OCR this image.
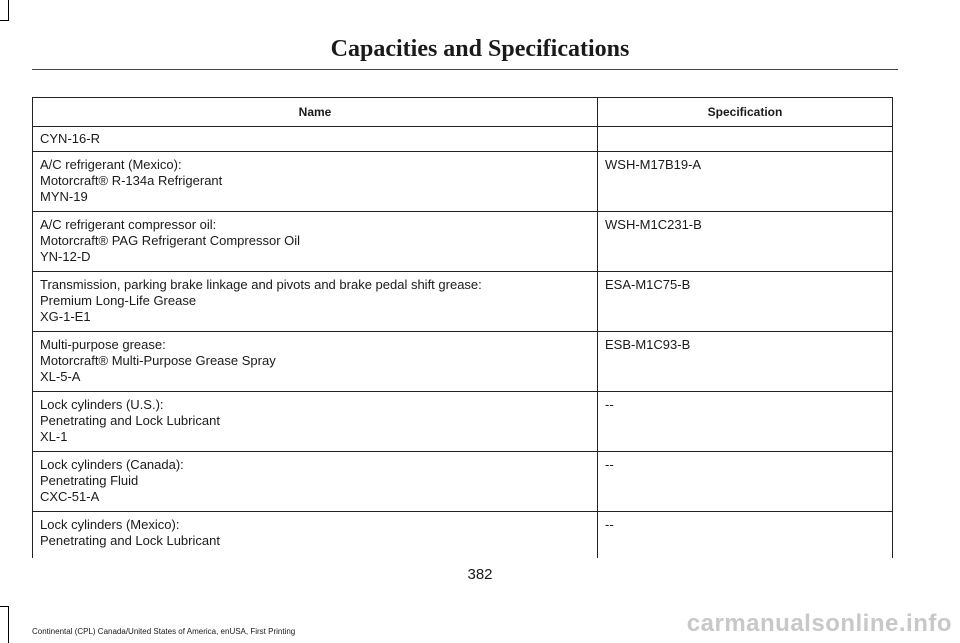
Capacities and Specifications
Name	Specification

CYN-16-R	

A/C refrigerant (Mexico):
Motorcraft® R-134a Refrigerant
MYN-19	WSH-M17B19-A

A/C refrigerant compressor oil:
Motorcraft® PAG Refrigerant Compressor Oil
YN-12-D	WSH-M1C231-B

Transmission, parking brake linkage and pivots and brake pedal shift grease:
Premium Long-Life Grease
XG-1-E1	ESA-M1C75-B

Multi-purpose grease:
Motorcraft® Multi-Purpose Grease Spray
XL-5-A	ESB-M1C93-B

Lock cylinders (U.S.):
Penetrating and Lock Lubricant
XL-1	--

Lock cylinders (Canada):
Penetrating Fluid
CXC-51-A	--

Lock cylinders (Mexico):
Penetrating and Lock Lubricant	--
382
Continental (CPL) Canada/United States of America, enUSA, First Printing	carmanualsonline.info
